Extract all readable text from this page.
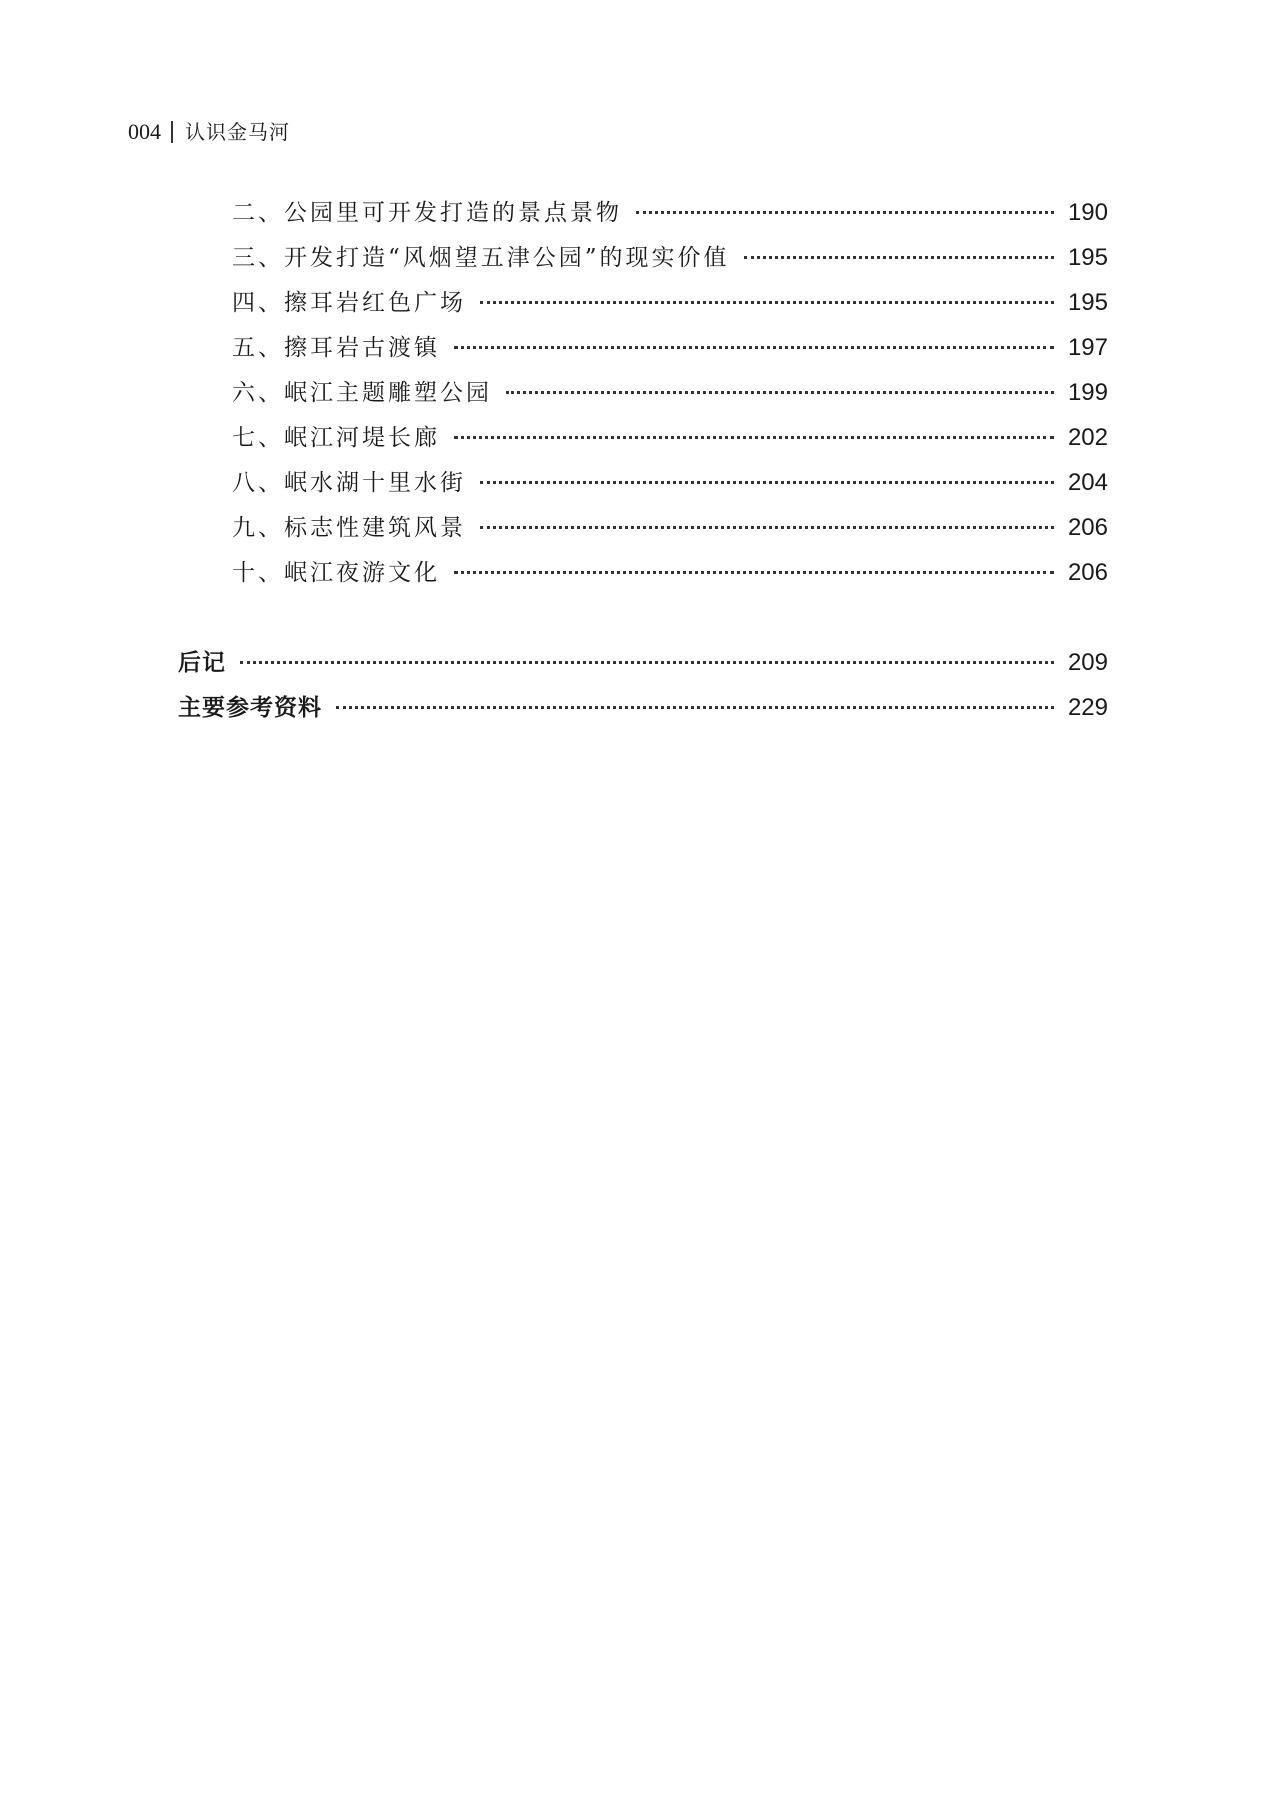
004 认识金马河
二、公园里可开发打造的景点景物	190
三、开发打造“风烟望五津公园”的现实价值	195
四、擦耳岩红色广场	195
五、擦耳岩古渡镇	197
六、岷江主题雕塑公园	199
七、岷江河堤长廊	202
八、岷水湖十里水街	204
九、标志性建筑风景	206
十、岷江夜游文化	206
后记	209
主要参考资料	229
